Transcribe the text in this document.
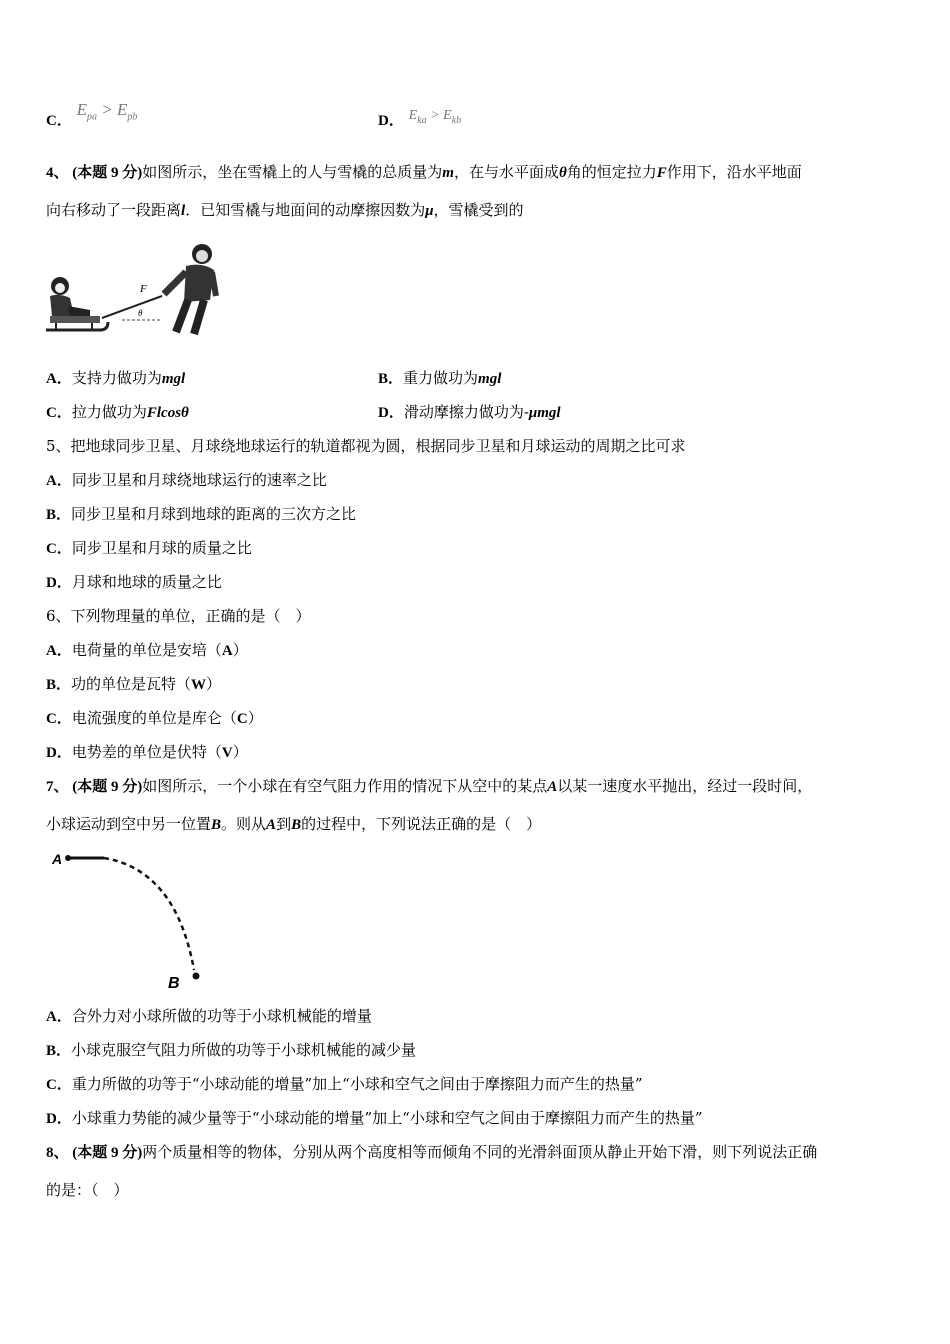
C． $E_{pa} > E_{pb}$	D． $E_{ka} > E_{kb}$
4、 (本题 9 分)如图所示，坐在雪橇上的人与雪橇的总质量为m，在与水平面成θ角的恒定拉力F作用下，沿水平地面
向右移动了一段距离l．已知雪橇与地面间的动摩擦因数为μ，雪橇受到的
F
θ
A．支持力做功为mgl	B．重力做功为mgl
C．拉力做功为Flcosθ	D．滑动摩擦力做功为-μmgl
5、把地球同步卫星、月球绕地球运行的轨道都视为圆，根据同步卫星和月球运动的周期之比可求
A．同步卫星和月球绕地球运行的速率之比
B．同步卫星和月球到地球的距离的三次方之比
C．同步卫星和月球的质量之比
D．月球和地球的质量之比
6、下列物理量的单位，正确的是（　）
A．电荷量的单位是安培（A）
B．功的单位是瓦特（W）
C．电流强度的单位是库仑（C）
D．电势差的单位是伏特（V）
7、 (本题 9 分)如图所示，一个小球在有空气阻力作用的情况下从空中的某点A以某一速度水平抛出，经过一段时间，
小球运动到空中另一位置B。则从A到B的过程中，下列说法正确的是（　）
A
B
A．合外力对小球所做的功等于小球机械能的增量
B．小球克服空气阻力所做的功等于小球机械能的减少量
C．重力所做的功等于“小球动能的增量”加上“小球和空气之间由于摩擦阻力而产生的热量”
D．小球重力势能的减少量等于“小球动能的增量”加上“小球和空气之间由于摩擦阻力而产生的热量”
8、 (本题 9 分)两个质量相等的物体，分别从两个高度相等而倾角不同的光滑斜面顶从静止开始下滑，则下列说法正确
的是：（　）
